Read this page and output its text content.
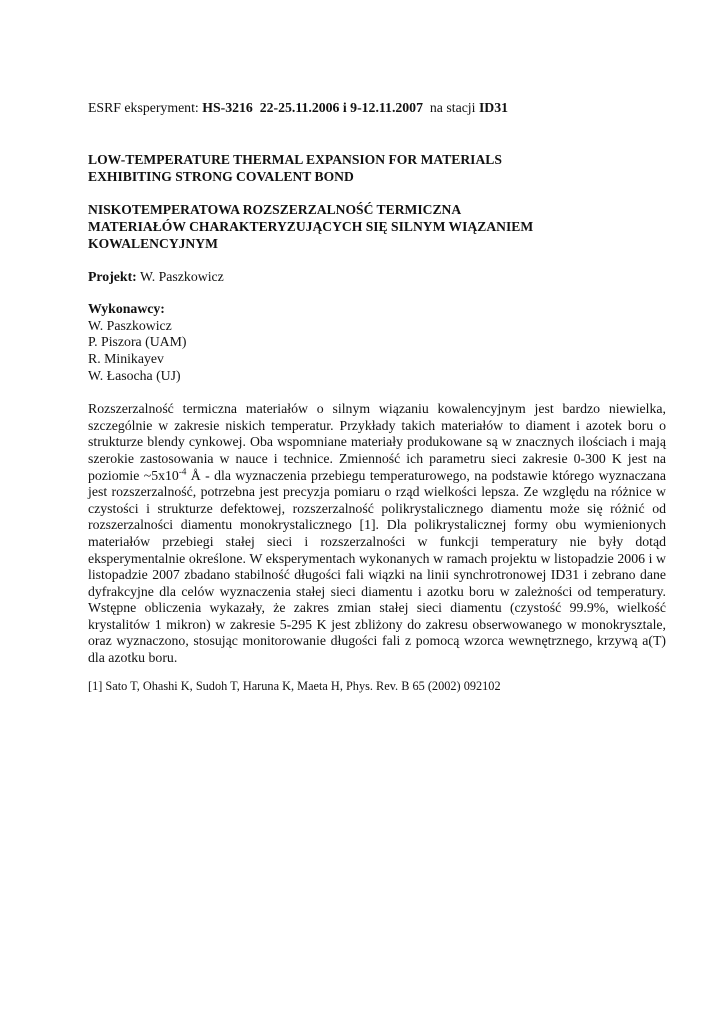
ESRF eksperyment: HS-3216 22-25.11.2006 i 9-12.11.2007 na stacji ID31

LOW-TEMPERATURE THERMAL EXPANSION FOR MATERIALS
EXHIBITING STRONG COVALENT BOND
NISKOTEMPERATOWA ROZSZERZALNOŚĆ TERMICZNA
MATERIAŁÓW CHARAKTERYZUJĄCYCH SIĘ SILNYM WIĄZANIEM
KOWALENCYJNYM

Projekt: W. Paszkowicz

Wykonawcy:

W. Paszkowicz
P. Piszora (UAM)
R. Minikayev
W. Łasocha (UJ)

Rozszerzalność termiczna materiałów o silnym wiązaniu kowalencyjnym jest bardzo niewielka, szczególnie w zakresie niskich temperatur. Przykłady takich materiałów to diament i azotek boru o strukturze blendy cynkowej. Oba wspomniane materiały produkowane są w znacznych ilościach i mają szerokie zastosowania w nauce i technice. Zmienność ich parametru sieci zakresie 0-300 K jest na poziomie $\sim 5x10^{-4}$ Å - dla wyznaczenia przebiegu temperaturowego, na podstawie którego wyznaczana jest rozszerzalność, potrzebna jest precyzja pomiaru o rząd wielkości lepsza. Ze względu na różnice w czystości i strukturze defektowej, rozszerzalność polikrystalicznego diamentu może się różnić od rozszerzalności diamentu monokrystalicznego [1]. Dla polikrystalicznej formy obu wymienionych materiałów przebiegi stałej sieci i rozszerzalności w funkcji temperatury nie były dotąd eksperymentalnie określone. W eksperymentach wykonanych w ramach projektu w listopadzie 2006 i w listopadzie 2007 zbadano stabilność długości fali wiązki na linii synchrotronowej ID31 i zebrano dane dyfrakcyjne dla celów wyznaczenia stałej sieci diamentu i azotku boru w zależności od temperatury. Wstępne obliczenia wykazały, że zakres zmian stałej sieci diamentu (czystość 99.9%, wielkość krystalitów 1 mikron) w zakresie 5-295 K jest zbliżony do zakresu obserwowanego w monokrysztale, oraz wyznaczono, stosując monitorowanie długości fali z pomocą wzorca wewnętrznego, krzywą a(T) dla azotku boru.

[1] Sato T, Ohashi K, Sudoh T, Haruna K, Maeta H, Phys. Rev. B 65 (2002) 092102
